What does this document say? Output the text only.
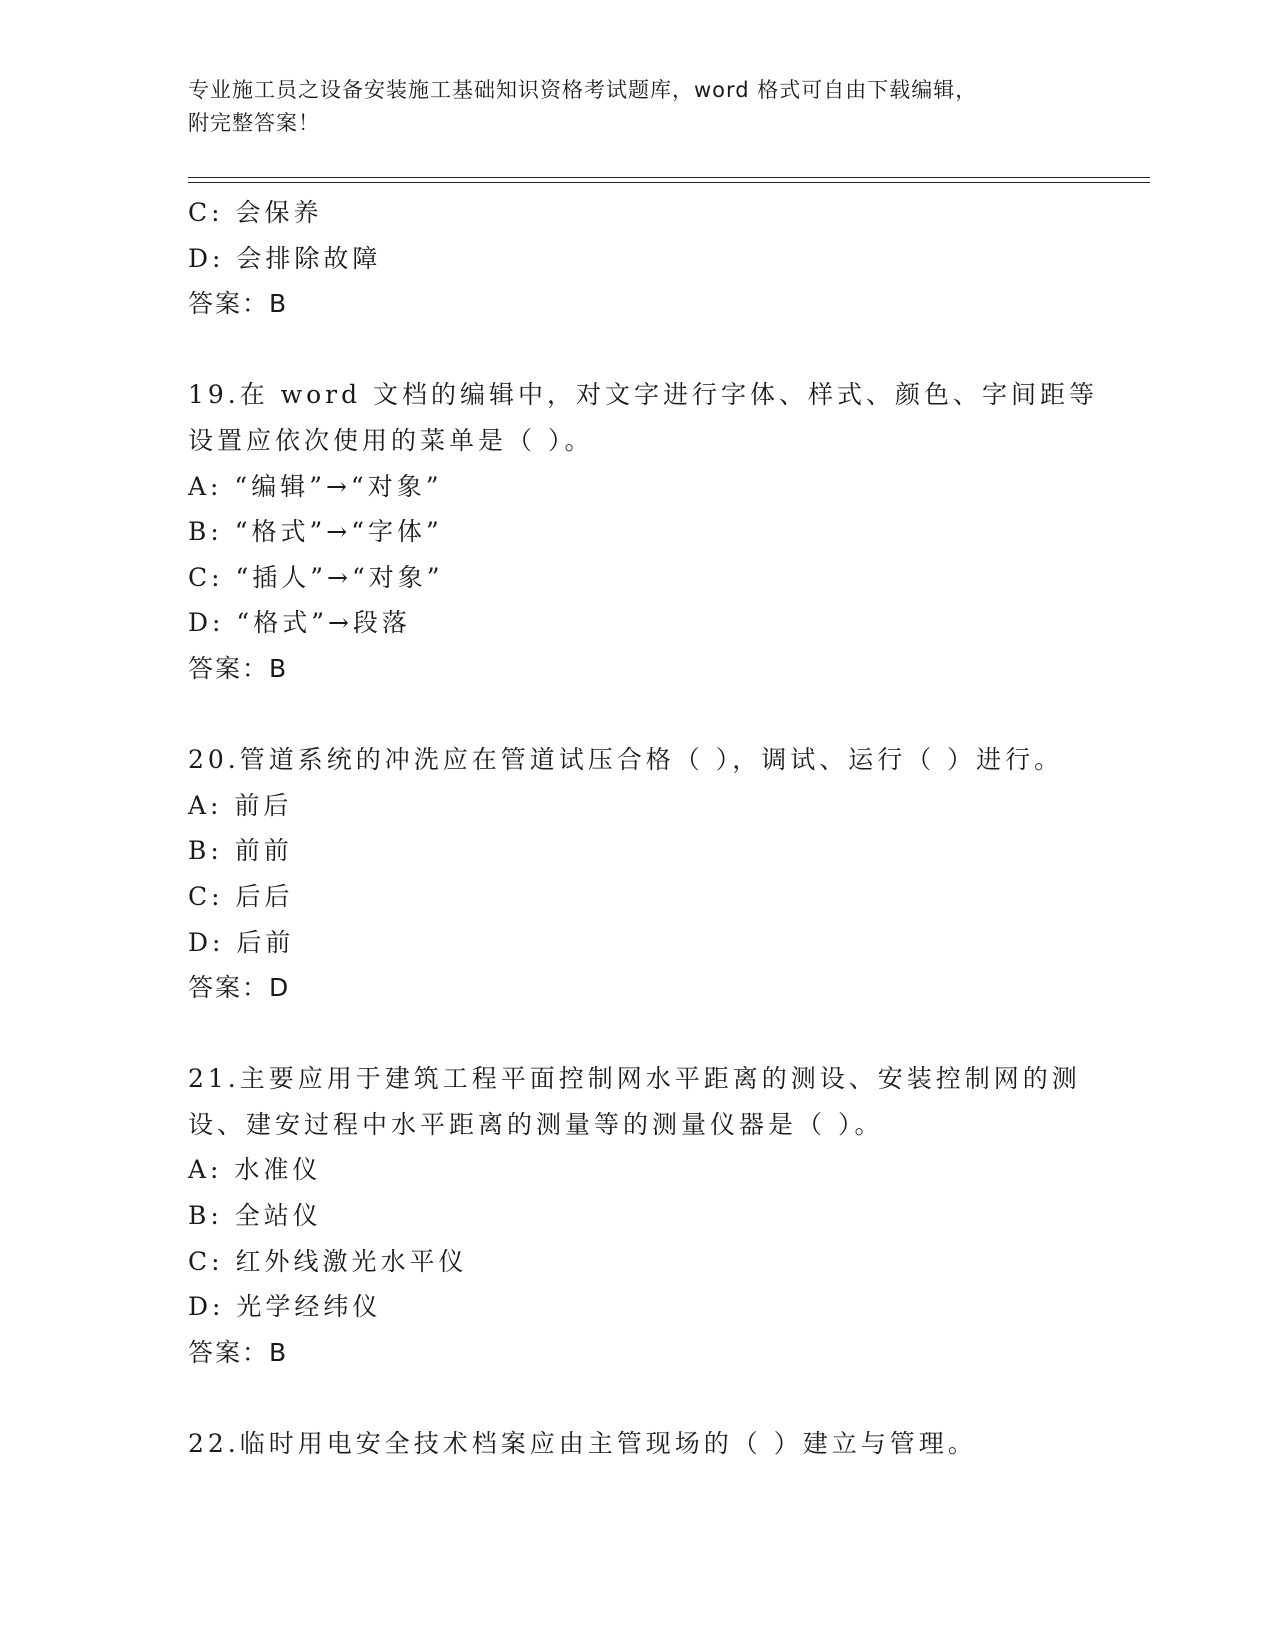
专业施工员之设备安装施工基础知识资格考试题库，word 格式可自由下载编辑，
附完整答案！
C: 会保养
D: 会排除故障
答案：B
19.在 word 文档的编辑中，对文字进行字体、样式、颜色、字间距等
设置应依次使用的菜单是（ ）。
A: “编辑”→“对象”
B: “格式”→“字体”
C: “插人”→“对象”
D: “格式”→段落
答案：B
20.管道系统的冲洗应在管道试压合格（ ），调试、运行（ ）进行。
A: 前后
B: 前前
C: 后后
D: 后前
答案：D
21.主要应用于建筑工程平面控制网水平距离的测设、安装控制网的测
设、建安过程中水平距离的测量等的测量仪器是（ ）。
A: 水准仪
B: 全站仪
C: 红外线激光水平仪
D: 光学经纬仪
答案：B
22.临时用电安全技术档案应由主管现场的（ ）建立与管理。
